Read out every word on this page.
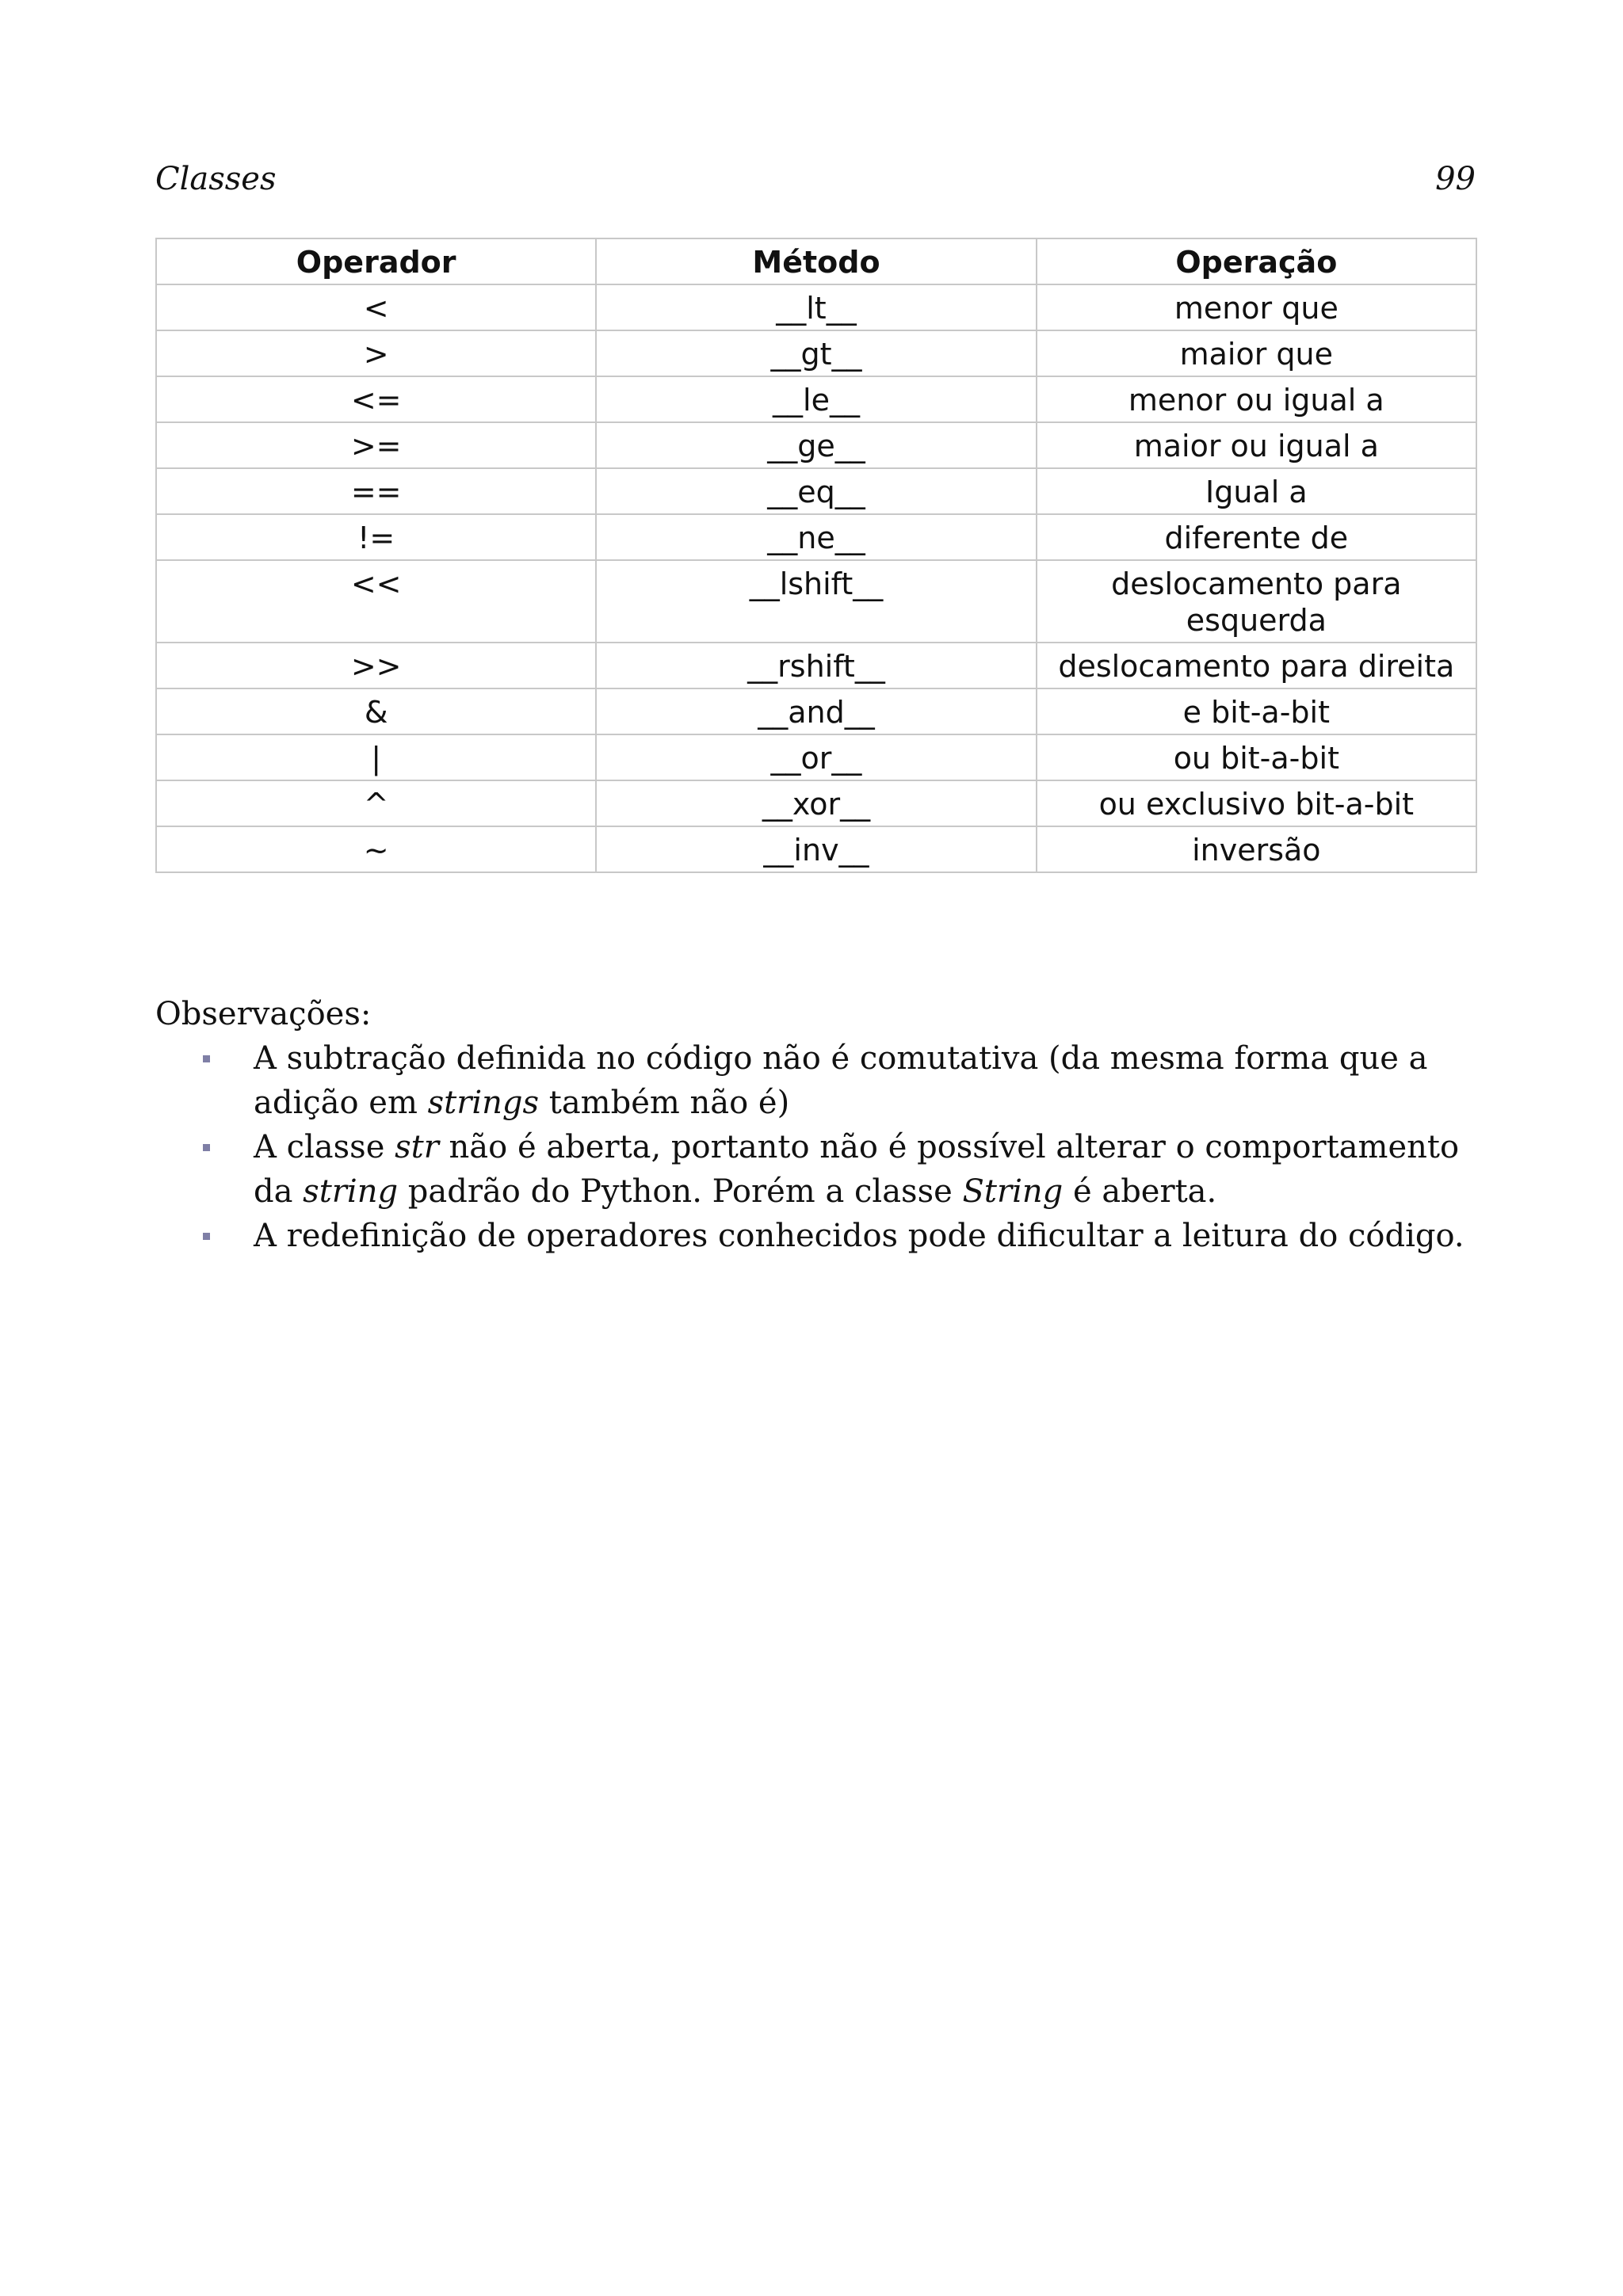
Classes	99
Operador	Método	Operação
<	__lt__	menor que
>	__gt__	maior que
<=	__le__	menor ou igual a
>=	__ge__	maior ou igual a
==	__eq__	Igual a
!=	__ne__	diferente de
<<	__lshift__	deslocamento para esquerda
>>	__rshift__	deslocamento para direita
&	__and__	e bit-a-bit
|	__or__	ou bit-a-bit
^	__xor__	ou exclusivo bit-a-bit
~	__inv__	inversão

Observações:

A subtração definida no código não é comutativa (da mesma forma que a adição em strings também não é)
A classe str não é aberta, portanto não é possível alterar o comportamento da string padrão do Python. Porém a classe String é aberta.
A redefinição de operadores conhecidos pode dificultar a leitura do código.
